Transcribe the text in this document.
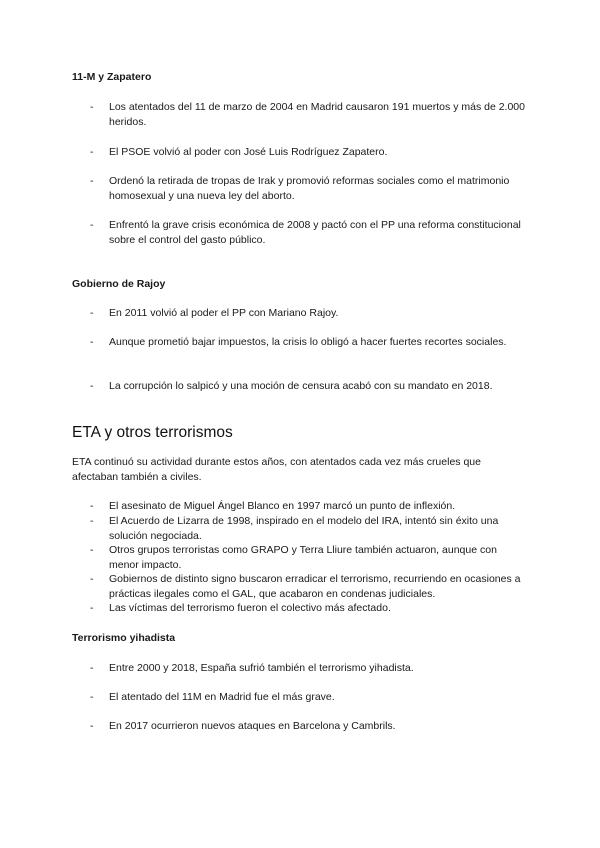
11-M y Zapatero
-	Los atentados del 11 de marzo de 2004 en Madrid causaron 191 muertos y más de 2.000 heridos.
-	El PSOE volvió al poder con José Luis Rodríguez Zapatero.
-	Ordenó la retirada de tropas de Irak y promovió reformas sociales como el matrimonio homosexual y una nueva ley del aborto.
-	Enfrentó la grave crisis económica de 2008 y pactó con el PP una reforma constitucional sobre el control del gasto público.
Gobierno de Rajoy
-	En 2011 volvió al poder el PP con Mariano Rajoy.
-	Aunque prometió bajar impuestos, la crisis lo obligó a hacer fuertes recortes sociales.
-	La corrupción lo salpicó y una moción de censura acabó con su mandato en 2018.
ETA y otros terrorismos
ETA continuó su actividad durante estos años, con atentados cada vez más crueles que afectaban también a civiles.
-	El asesinato de Miguel Ángel Blanco en 1997 marcó un punto de inflexión.
-	El Acuerdo de Lizarra de 1998, inspirado en el modelo del IRA, intentó sin éxito una solución negociada.
-	Otros grupos terroristas como GRAPO y Terra Lliure también actuaron, aunque con menor impacto.
-	Gobiernos de distinto signo buscaron erradicar el terrorismo, recurriendo en ocasiones a prácticas ilegales como el GAL, que acabaron en condenas judiciales.
-	Las víctimas del terrorismo fueron el colectivo más afectado.
Terrorismo yihadista
-	Entre 2000 y 2018, España sufrió también el terrorismo yihadista.
-	El atentado del 11M en Madrid fue el más grave.
-	En 2017 ocurrieron nuevos ataques en Barcelona y Cambrils.
